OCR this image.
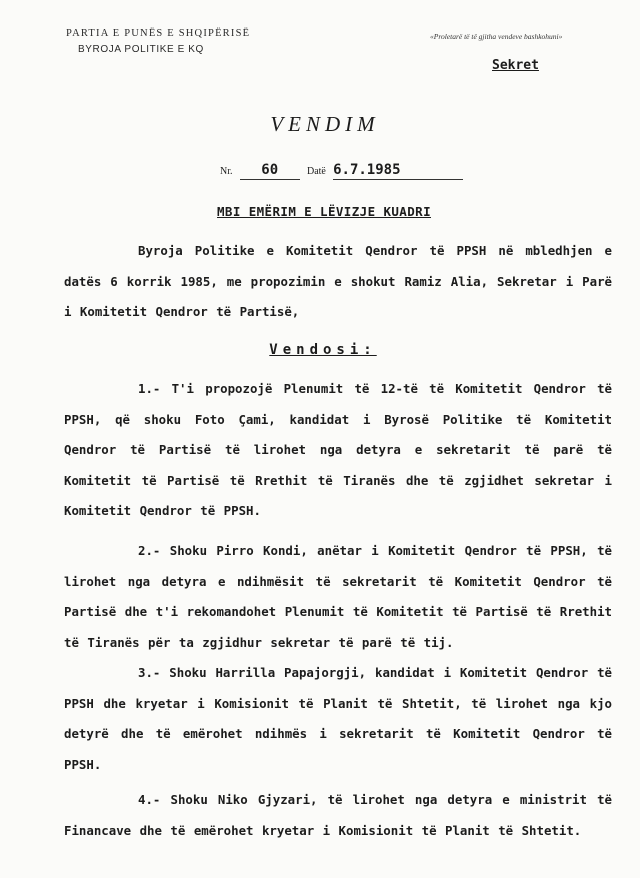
PARTIA E PUNËS E SHQIPËRISË
BYROJA POLITIKE E KQ
«Proletarë të të gjitha vendeve bashkohuni»
Sekret
VENDIM
Nr. 60	Datë 6.7.1985
MBI EMËRIM E LËVIZJE KUADRI
Byroja Politike e Komitetit Qendror të PPSH në mbledhjen e datës 6 korrik 1985, me propozimin e shokut Ramiz Alia, Sekretar i Parë i Komitetit Qendror të Partisë,
Vendosi:
1.- T'i propozojë Plenumit të 12-të të Komitetit Qendror të PPSH, që shoku Foto Çami, kandidat i Byrosë Politike të Komitetit Qendror të Partisë të lirohet nga detyra e sekretarit të parë të Komitetit të Partisë të Rrethit të Tiranës dhe të zgjidhet sekretar i Komitetit Qendror të PPSH.
2.- Shoku Pirro Kondi, anëtar i Komitetit Qendror të PPSH, të lirohet nga detyra e ndihmësit të sekretarit të Komitetit Qendror të Partisë dhe t'i rekomandohet Plenumit të Komitetit të Partisë të Rrethit të Tiranës për ta zgjidhur sekretar të parë të tij.
3.- Shoku Harrilla Papajorgji, kandidat i Komitetit Qendror të PPSH dhe kryetar i Komisionit të Planit të Shtetit, të lirohet nga kjo detyrë dhe të emërohet ndihmës i sekretarit të Komitetit Qendror të PPSH.
4.- Shoku Niko Gjyzari, të lirohet nga detyra e ministrit të Financave dhe të emërohet kryetar i Komisionit të Planit të Shtetit.
